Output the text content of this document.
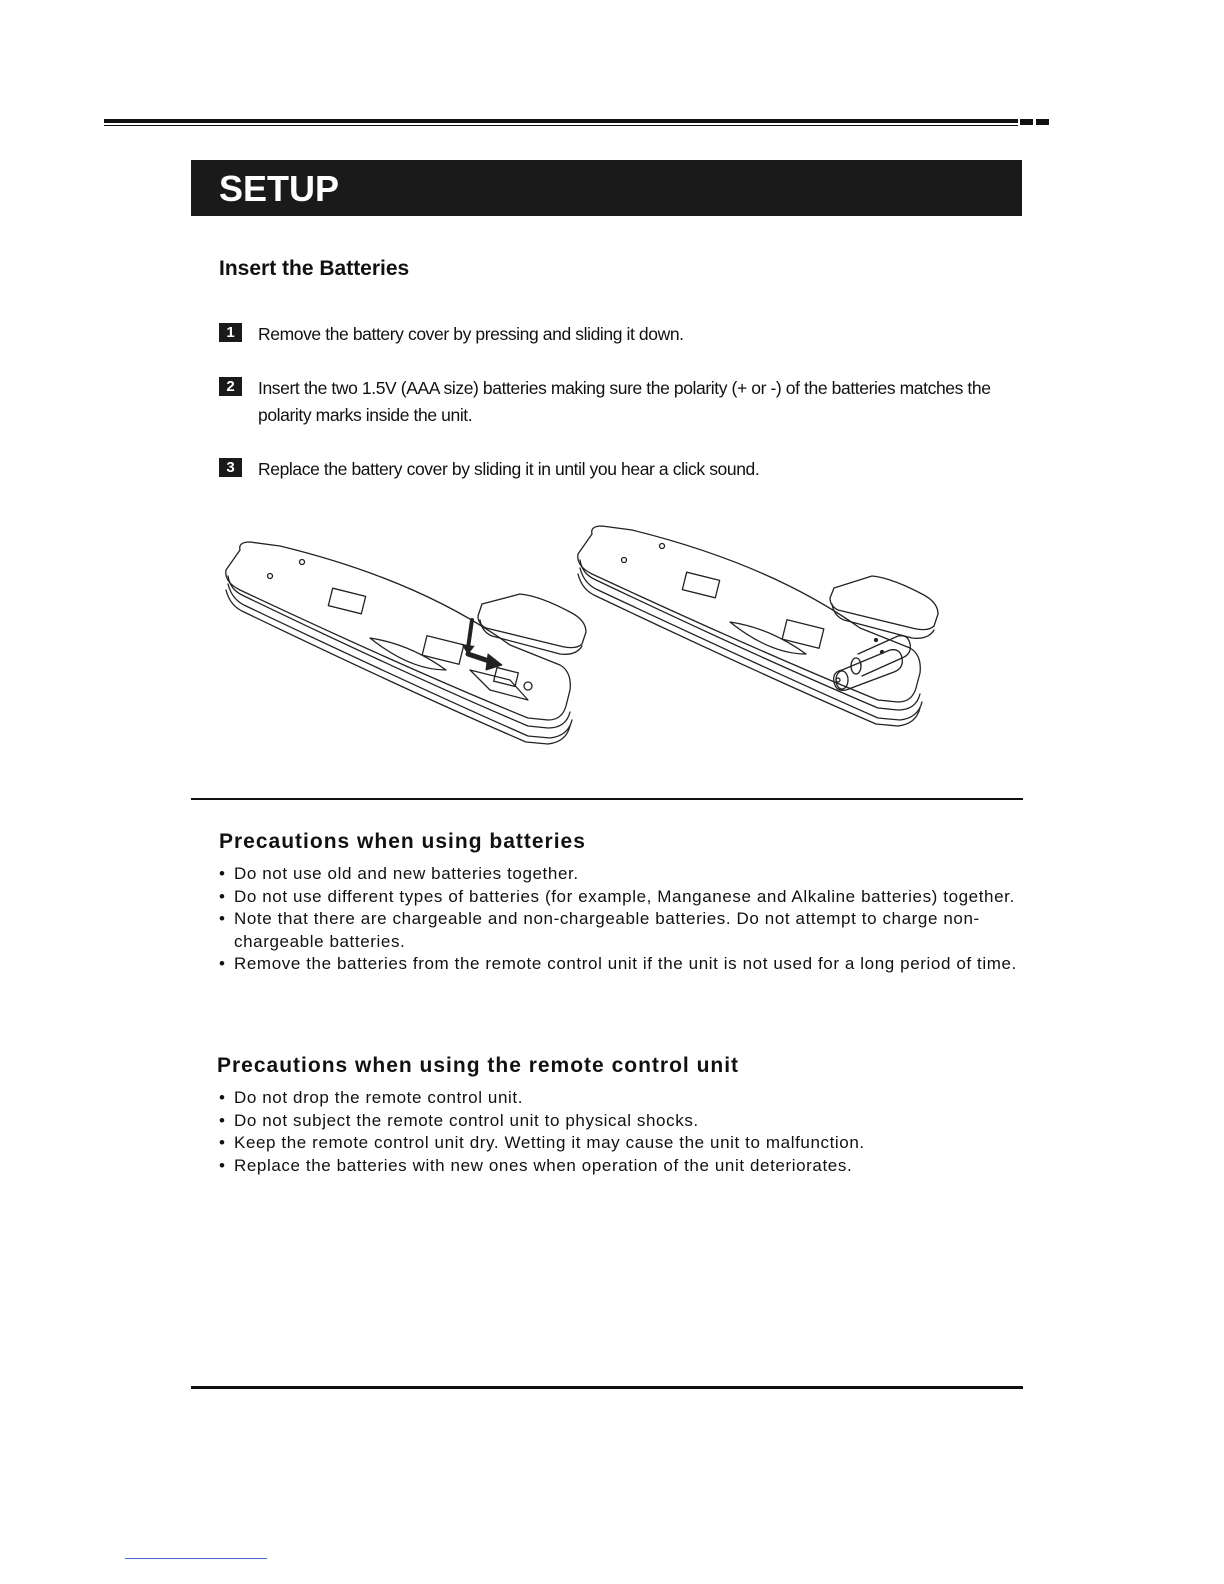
SETUP
Insert the Batteries
1	Remove the battery cover by pressing and sliding it down.
2	Insert the two 1.5V (AAA size) batteries making sure the polarity (+ or -) of the batteries matches the polarity marks inside the unit.
3	Replace the battery cover by sliding it in until you hear a click sound.
Precautions when using batteries
• Do not use old and new batteries together.
• Do not use different types of batteries (for example, Manganese and Alkaline batteries) together.
• Note that there are chargeable and non-chargeable batteries. Do not attempt to charge non-chargeable batteries.
• Remove the batteries from the remote control unit if the unit is not used for a long period of time.
Precautions when using the remote control unit
• Do not drop the remote control unit.
• Do not subject the remote control unit to physical shocks.
• Keep the remote control unit dry. Wetting it may cause the unit to malfunction.
• Replace the batteries with new ones when operation of the unit deteriorates.
